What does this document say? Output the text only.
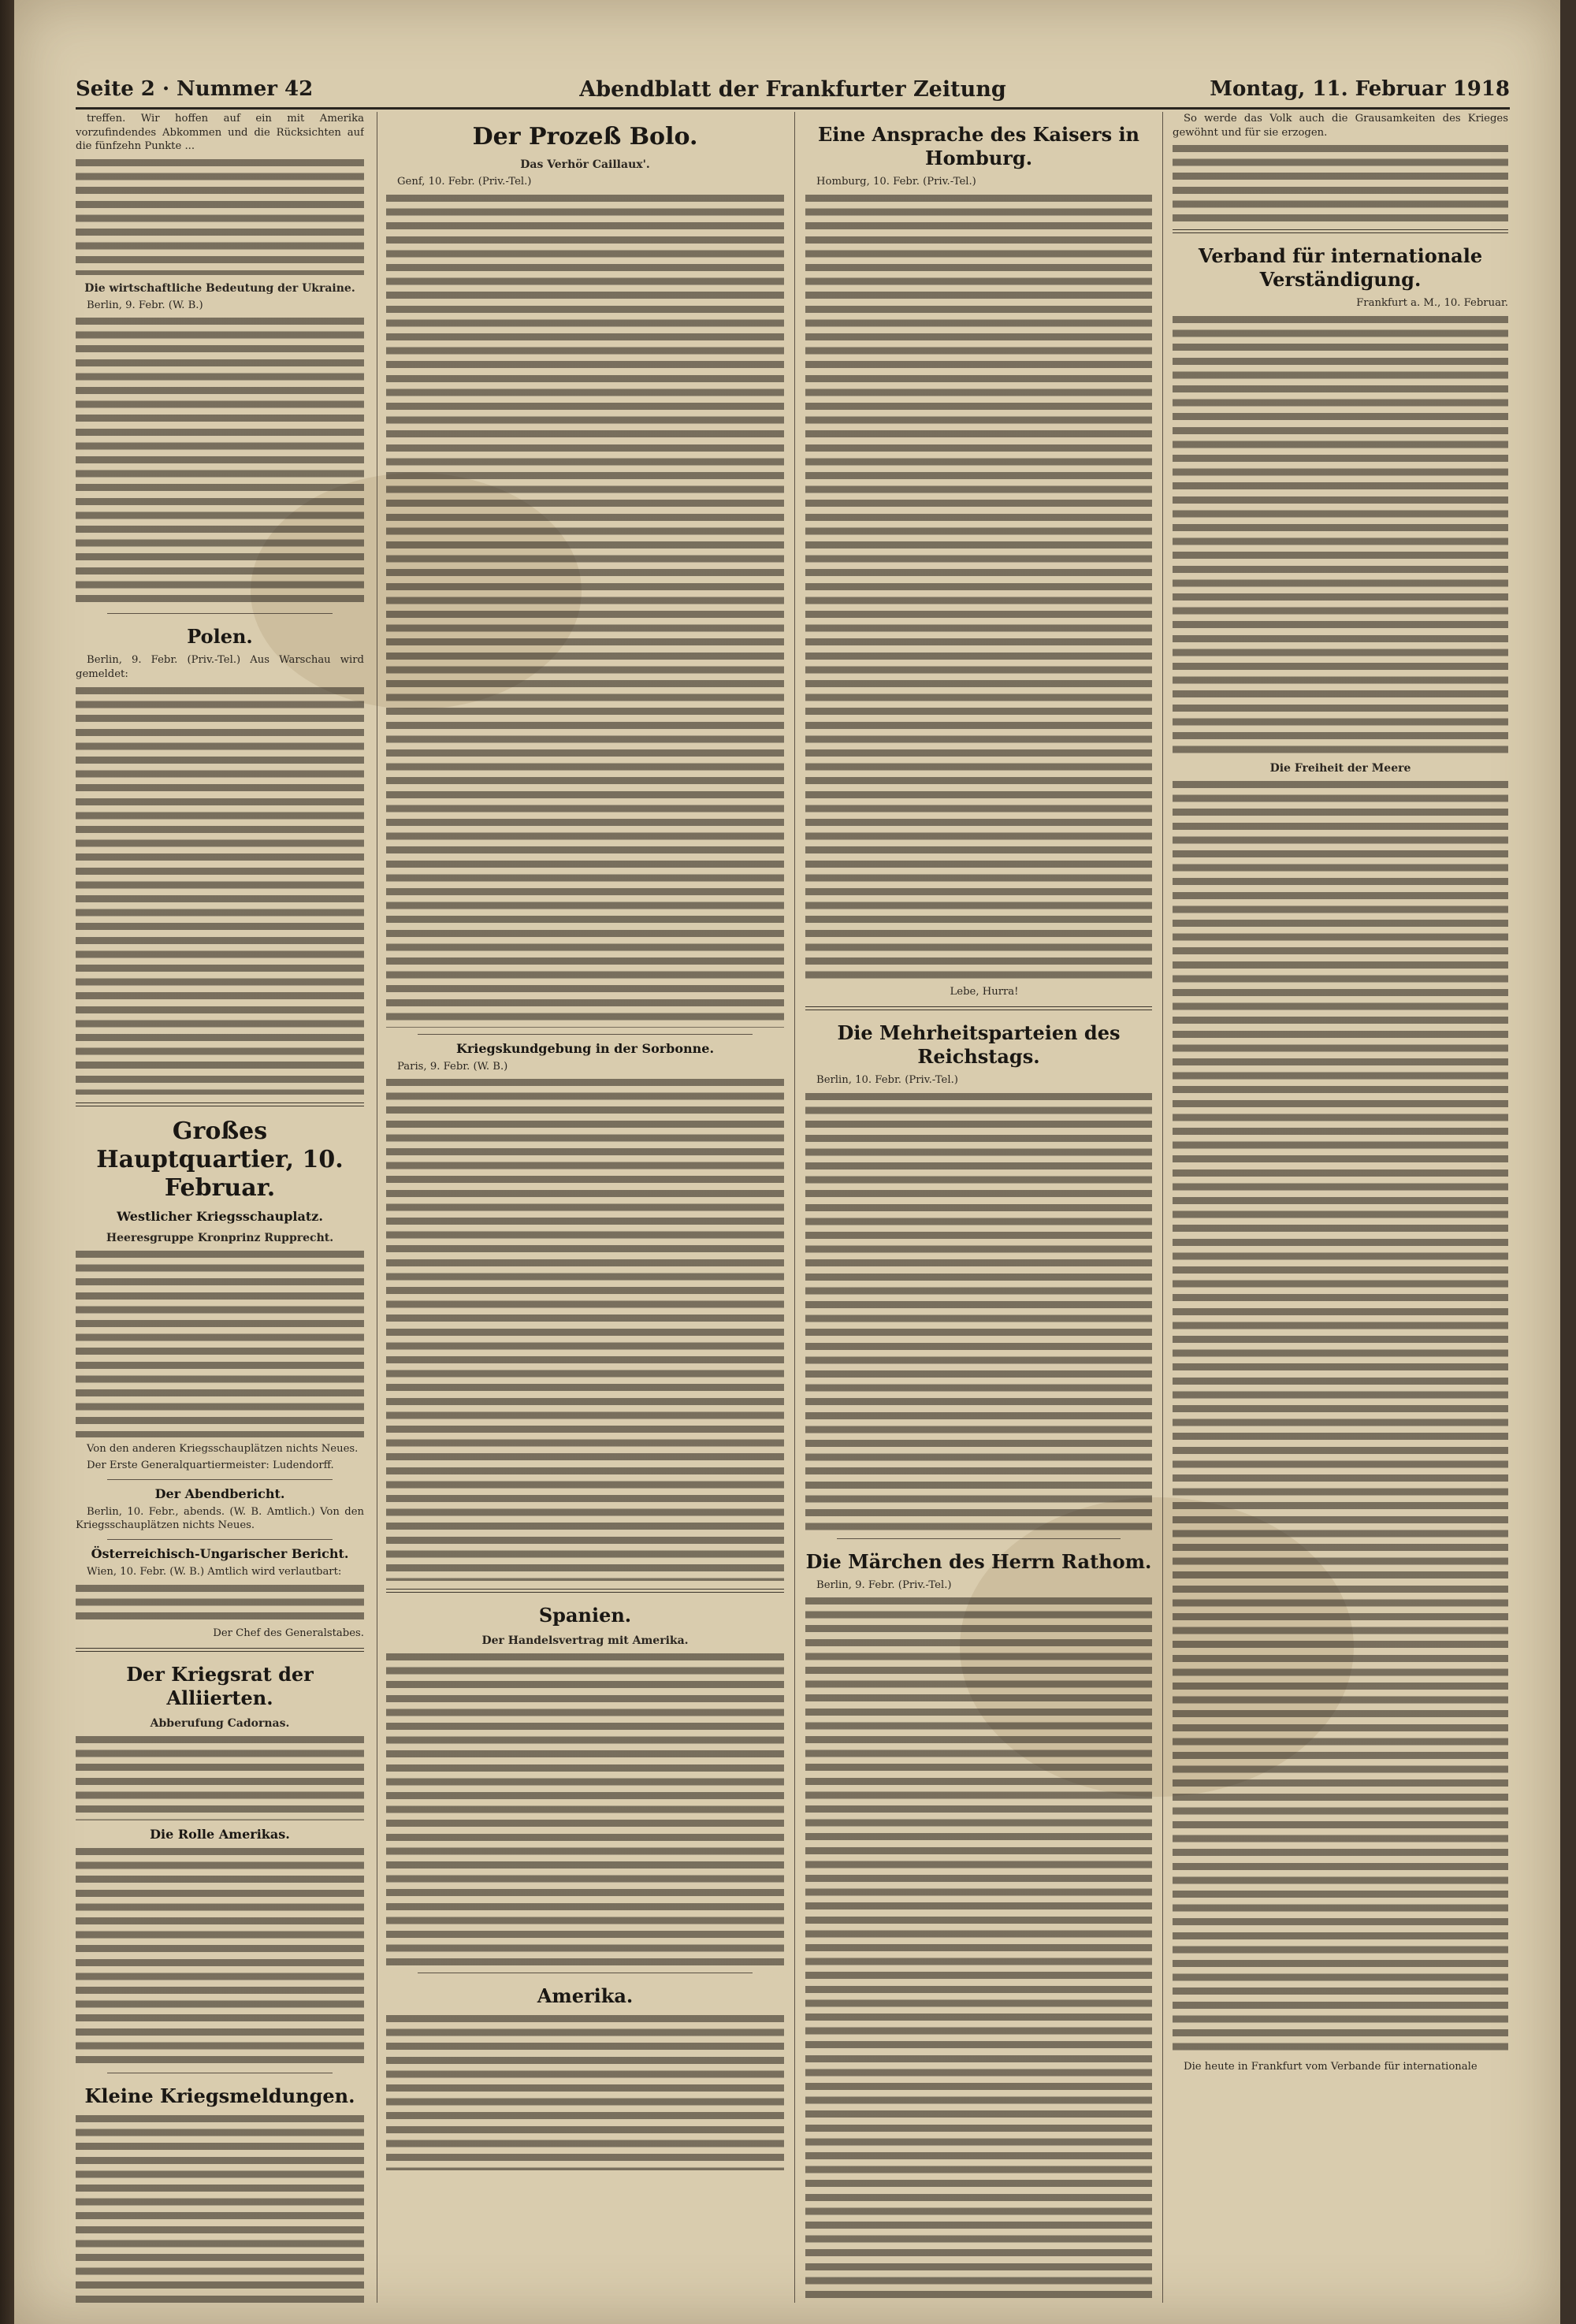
Seite 2 · Nummer 42	Abendblatt der Frankfurter Zeitung	Montag, 11. Februar 1918

treffen. Wir hoffen auf ein mit Amerika vorzufindendes Abkommen und die Rücksichten auf die fünfzehn Punkte ...

Die wirtschaftliche Bedeutung der Ukraine.

Berlin, 9. Febr. (W. B.)

Polen.

Berlin, 9. Febr. (Priv.-Tel.) Aus Warschau wird gemeldet:

Großes Hauptquartier, 10. Februar.
Westlicher Kriegsschauplatz.
Heeresgruppe Kronprinz Rupprecht.

Von den anderen Kriegsschauplätzen nichts Neues.

Der Erste Generalquartiermeister: Ludendorff.

Der Abendbericht.

Berlin, 10. Febr., abends. (W. B. Amtlich.) Von den Kriegsschauplätzen nichts Neues.

Österreichisch-Ungarischer Bericht.

Wien, 10. Febr. (W. B.) Amtlich wird verlautbart:

Der Chef des Generalstabes.

Der Kriegsrat der Alliierten.
Abberufung Cadornas.
Die Rolle Amerikas.
Kleine Kriegsmeldungen.
Der Prozeß Bolo.
Das Verhör Caillaux'.

Genf, 10. Febr. (Priv.-Tel.)

Kriegskundgebung in der Sorbonne.

Paris, 9. Febr. (W. B.)

Spanien.
Der Handelsvertrag mit Amerika.
Amerika.
Eine Ansprache des Kaisers in Homburg.

Homburg, 10. Febr. (Priv.-Tel.)

Lebe, Hurra!

Die Mehrheitsparteien des Reichstags.

Berlin, 10. Febr. (Priv.-Tel.)

Die Märchen des Herrn Rathom.

Berlin, 9. Febr. (Priv.-Tel.)

So werde das Volk auch die Grausamkeiten des Krieges gewöhnt und für sie erzogen.

Verband für internationale Verständigung.

Frankfurt a. M., 10. Februar.

Die Freiheit der Meere

Die heute in Frankfurt vom Verbande für internationale
